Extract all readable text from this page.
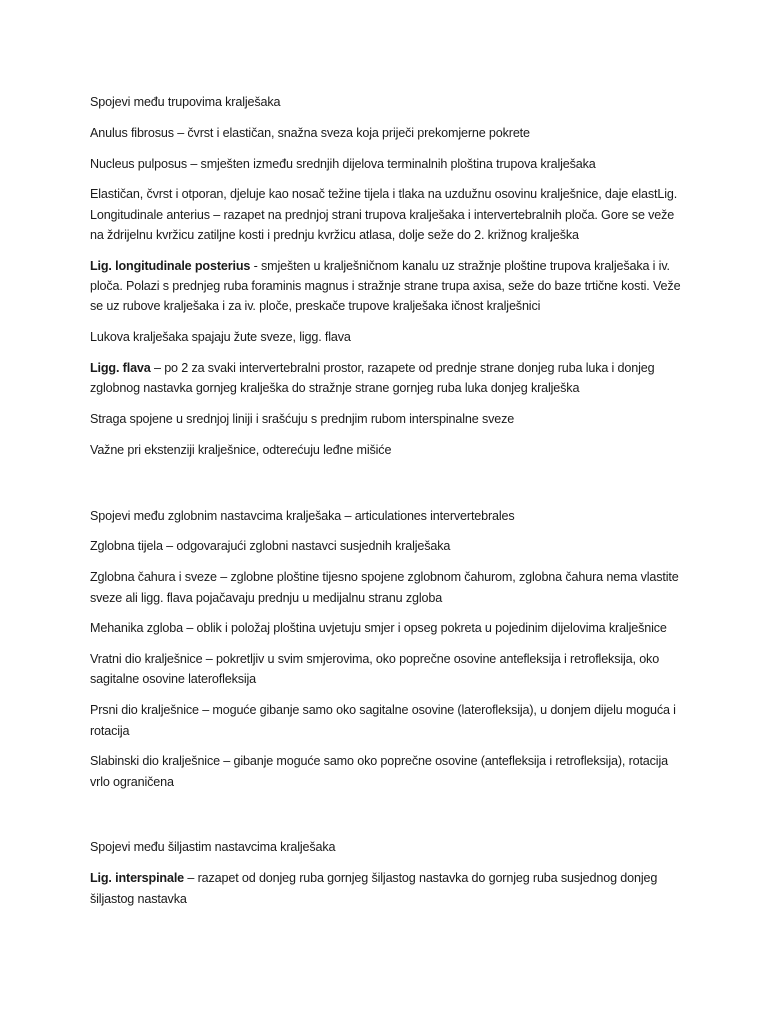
Spojevi među trupovima kralješaka

Anulus fibrosus – čvrst i elastičan, snažna sveza koja priječi prekomjerne pokrete

Nucleus pulposus – smješten između srednjih dijelova terminalnih ploština trupova kralješaka

Elastičan, čvrst i otporan, djeluje kao nosač težine tijela i tlaka na uzdužnu osovinu kralješnice, daje elastLig. Longitudinale anterius – razapet na prednjoj strani trupova kralješaka i intervertebralnih ploča. Gore se veže na ždrijelnu kvržicu zatiljne kosti i prednju kvržicu atlasa, dolje seže do 2. križnog kralješka

Lig. longitudinale posterius - smješten u kralješničnom kanalu uz stražnje ploštine trupova kralješaka i iv. ploča. Polazi s prednjeg ruba foraminis magnus i stražnje strane trupa axisa, seže do baze trtične kosti. Veže se uz rubove kralješaka i za iv. ploče, preskače trupove kralješaka ičnost kralješnici

Lukova kralješaka spajaju žute sveze, ligg. flava

Ligg. flava – po 2 za svaki intervertebralni prostor, razapete od prednje strane donjeg ruba luka i donjeg zglobnog nastavka gornjeg kralješka do stražnje strane gornjeg ruba luka donjeg kralješka

Straga spojene u srednjoj liniji i srašćuju s prednjim rubom interspinalne sveze

Važne pri ekstenziji kralješnice, odterećuju leđne mišiće

Spojevi među zglobnim nastavcima kralješaka – articulationes intervertebrales

Zglobna tijela – odgovarajući zglobni nastavci susjednih kralješaka

Zglobna čahura i sveze – zglobne ploštine tijesno spojene zglobnom čahurom, zglobna čahura nema vlastite sveze ali ligg. flava pojačavaju prednju u medijalnu stranu zgloba

Mehanika zgloba – oblik i položaj ploština uvjetuju smjer i opseg pokreta u pojedinim dijelovima kralješnice

Vratni dio kralješnice – pokretljiv u svim smjerovima, oko poprečne osovine antefleksija i retrofleksija, oko sagitalne osovine laterofleksija

Prsni dio kralješnice – moguće gibanje samo oko sagitalne osovine (laterofleksija), u donjem dijelu moguća i rotacija

Slabinski dio kralješnice – gibanje moguće samo oko poprečne osovine (antefleksija i retrofleksija), rotacija vrlo ograničena

Spojevi među šiljastim nastavcima kralješaka

Lig. interspinale – razapet od donjeg ruba gornjeg šiljastog nastavka do gornjeg ruba susjednog donjeg šiljastog nastavka
